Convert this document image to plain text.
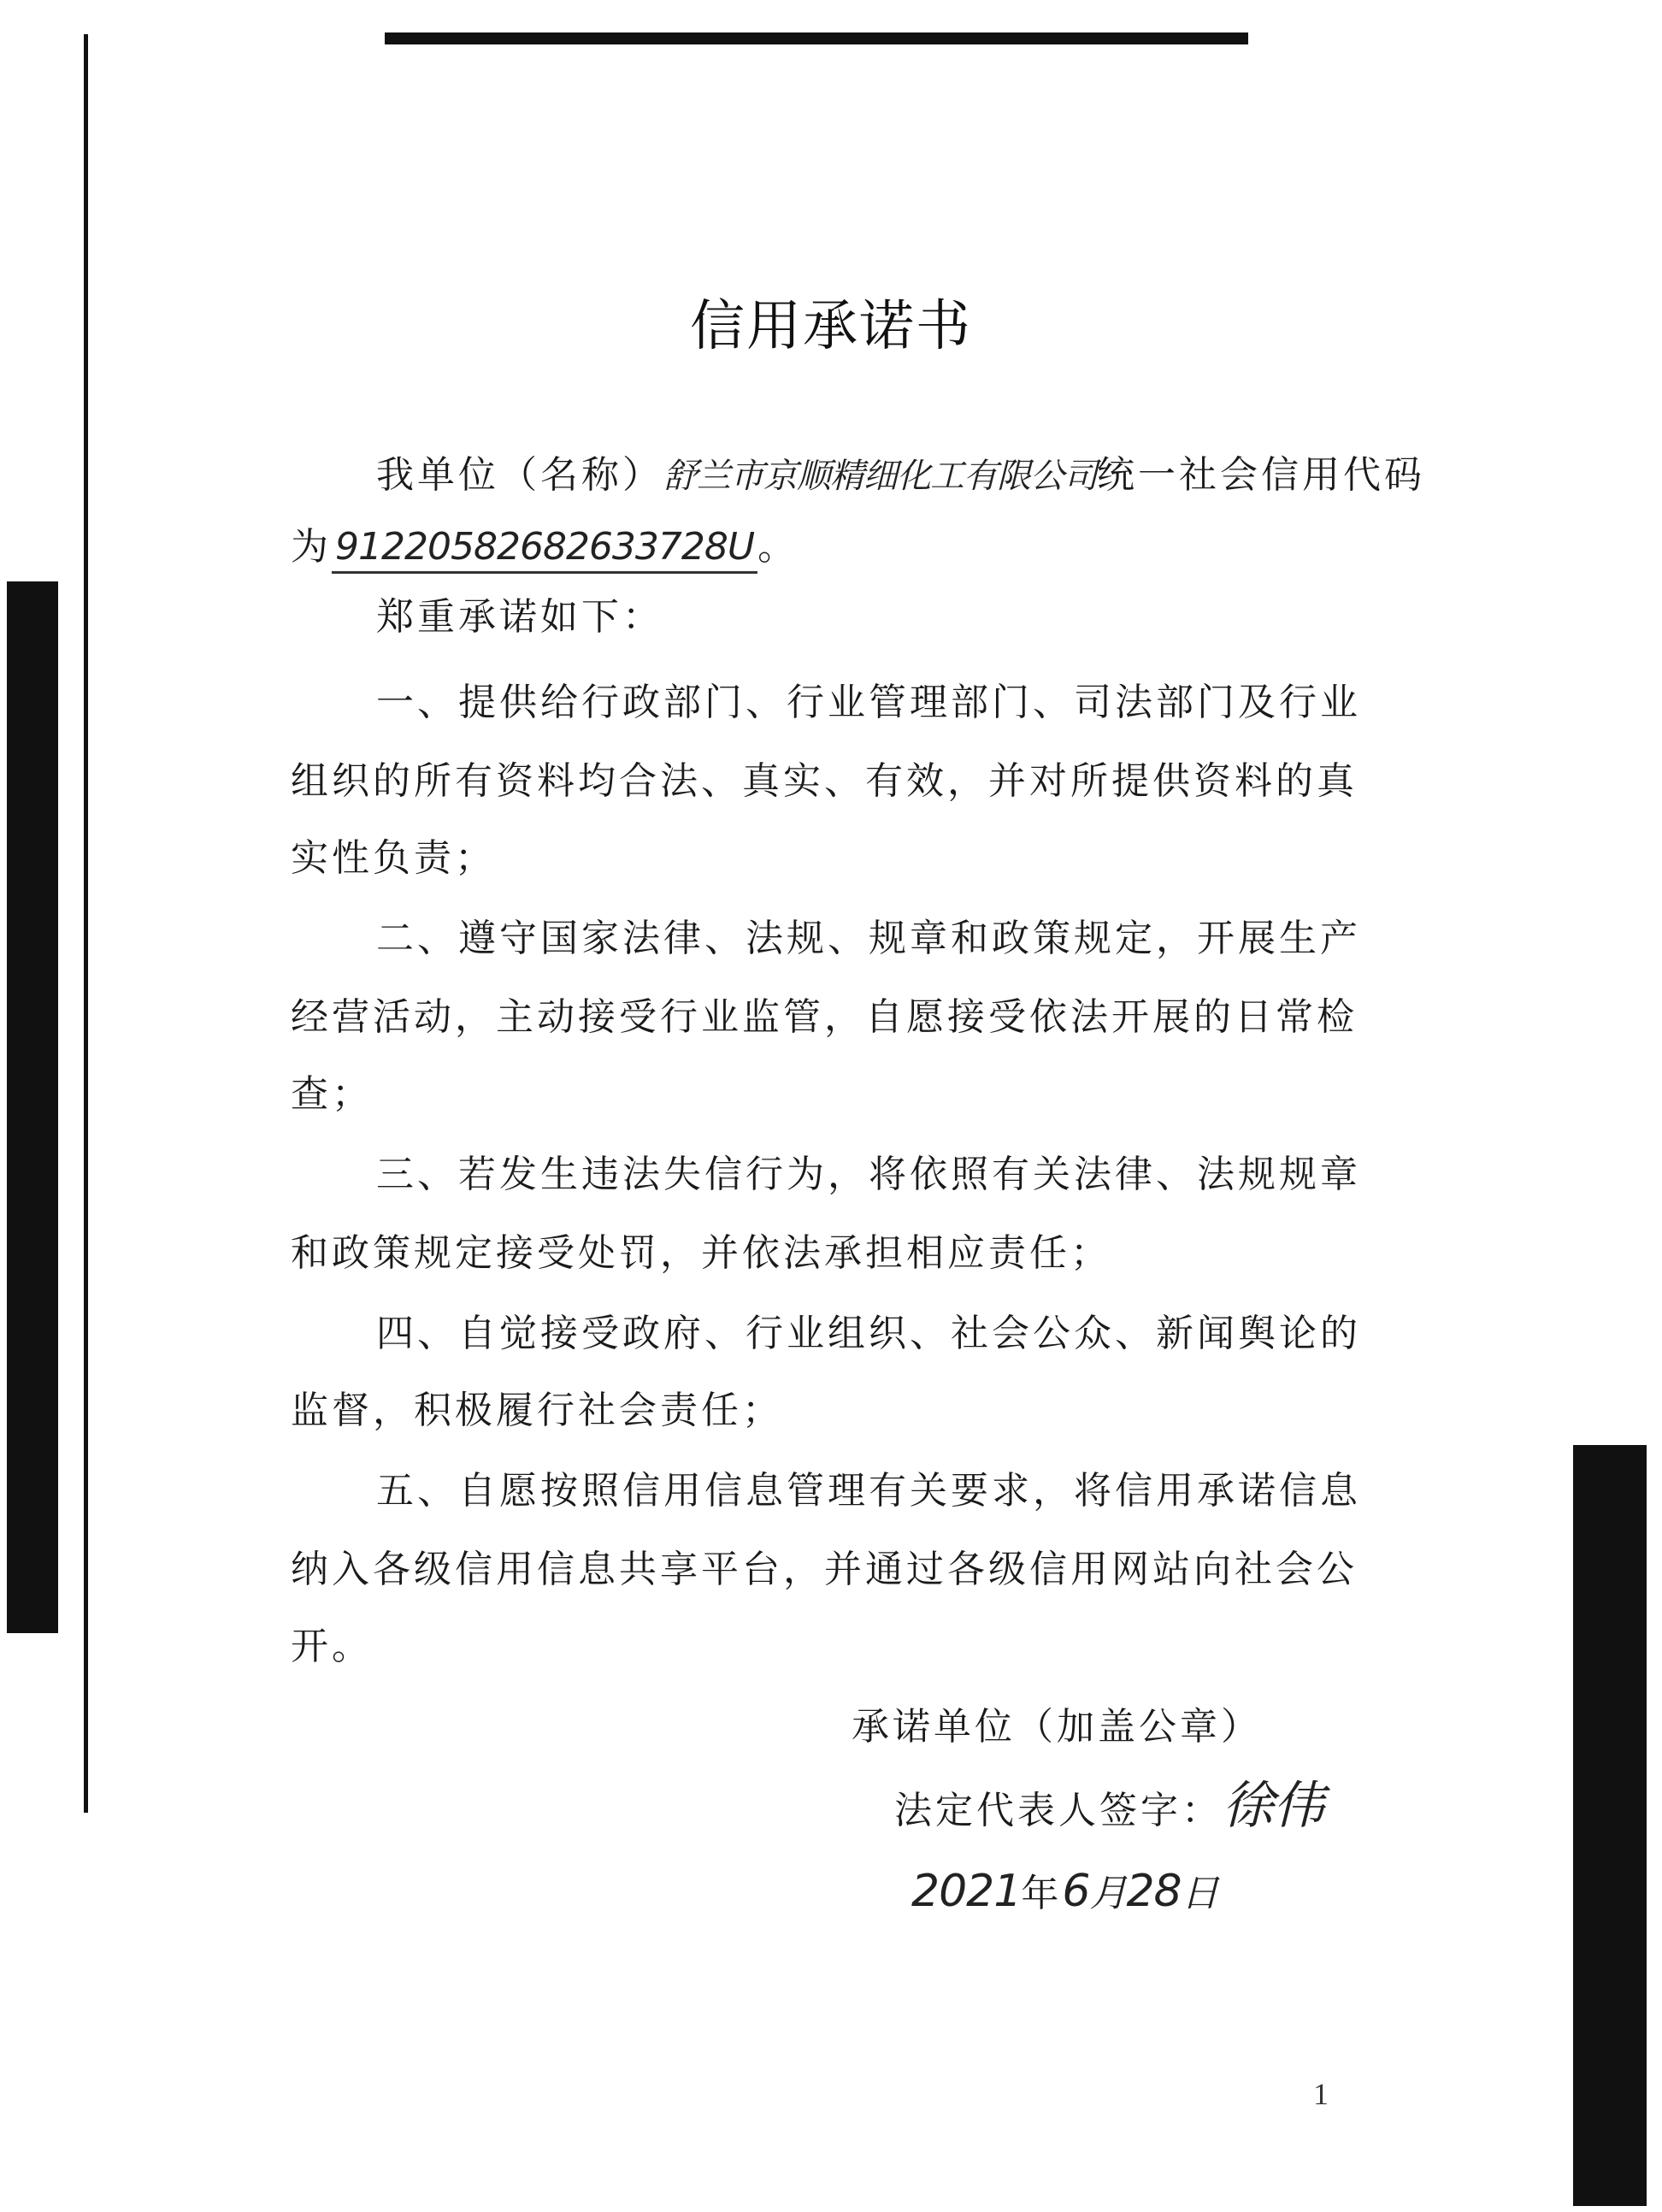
信用承诺书
我单位（名称）舒兰市京顺精细化工有限公司统一社会信用代码
为91220582682633728U。
郑重承诺如下：
一、提供给行政部门、行业管理部门、司法部门及行业
组织的所有资料均合法、真实、有效，并对所提供资料的真
实性负责；
二、遵守国家法律、法规、规章和政策规定，开展生产
经营活动，主动接受行业监管，自愿接受依法开展的日常检
查；
三、若发生违法失信行为，将依照有关法律、法规规章
和政策规定接受处罚，并依法承担相应责任；
四、自觉接受政府、行业组织、社会公众、新闻舆论的
监督，积极履行社会责任；
五、自愿按照信用信息管理有关要求，将信用承诺信息
纳入各级信用信息共享平台，并通过各级信用网站向社会公
开。
承诺单位（加盖公章）
法定代表人签字：徐伟
2021年6月28日
1
